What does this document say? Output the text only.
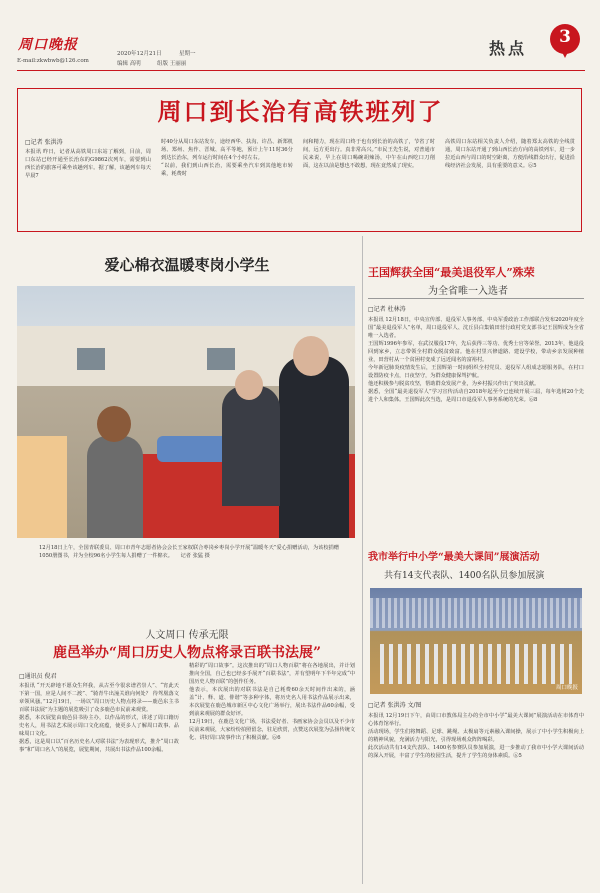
周口晚报
E-mail:zkwbwb@126.com
2020年12月21日	星期一
编辑 高明	组版 王丽丽
热点
3
周口到长治有高铁班列了
□记者 张洪涛
本报讯 昨日，记者从高铁周口东站了解到，目前，周口东站已经开通至长治东的G9862次列车，需要到山西长治的旅客可乘坐该趟列车。据了解，该趟列车每天早晨7
时40分从周口东站发车，途经西华、扶沟、许昌、新郑机场、郑州、焦作、晋城、高平等地，预计上午11时36分到达长治东，列车运行时间在4个小时左右。
“以前，我们到山西长治，需要乘坐汽车到其他地市转乘，耗费时
间和精力，现在周口终于也有到长治的高铁了，节省了时间，远方更出行。真非常高兴。”市民王先生说，对普通市民来说，早上在周口喝碗胡辣汤，中午在山西吃口刀削面，这在以前是想也不敢想，现在竟然成了现实。
高铁周口东站相关负责人介绍，随着郑太高铁的全线贯通，周口东站开通了到山西长治方向的高铁列车，进一步拉近山西与周口的时空距离，方便沿线群众出行，促进沿线经济社会发展，具有重要的意义。⑥5
爱心棉衣温暖枣岗小学生
12月18日上午，全国青联委员、周口市青年志愿者协会会长王家权联合枣岗乡枣岗小学开展“温暖冬天”爱心捐赠活动，为该校捐赠1050册图书，并为全校96名小学生每人捐赠了一件棉衣。 记者 张猛 摄
人文周口 传承无限
鹿邑举办“周口历史人物点将录百联书法展”
□通讯员 倪君
本报讯 “开天辟地不愿众生拜我，从古至今很求谱君崇人”、“宵此天下第一国，应是人间不二渡”、“骑青牛出潼关谁向何处？ 待驾凰落文章领风骚。”12月19日，一场以“周口历史人物点将录——鹿邑东主书百联书法展”为主题的展览吸引了众多鹿邑市民前来观赏。
据悉，本次展览由鹿邑县书协主办，以作品的形式，讲述了周口籍历史名人，用书法艺术展示周口文化底蕴，使更多人了解周口故事、品味周口文化。
据悉，这是周口以“百名历史名人对联书法”为表现形式，推介“周口故事”和“周口名人”的展览，展览期间，共展出书法作品100余幅。
精彩的“周口故事”。这次推出的“周口人物百联”将在各地展出，并计划推向全国，自己也已经多手展开“百联书法”，并有望明年下半年完成“中国历史人物百联”的创作任务。
他表示，本次展出的对联书法是自己耗费60余天时间作出来的，涵盖“计、释、道、俳谐”等多种字体，将历史名人用书法作品展示出来，本次展览在鹿邑城市新区中心文化广场举行，展出书法作品60余幅，受到前来观展的群众好评。
12月19日，在鹿邑文化广场，书法爱好者、书画家协会会员以及不少市民前来观展，大家纷纷拍照留念，驻足欣赏，点赞这次展览为弘扬传统文化、讲好周口故事作出了积极贡献。⑥6
王国辉获全国“最美退役军人”殊荣
为全省唯一入选者
□记者 杜林涛
本报讯 12月18日，中央宣传部、退役军人事务部、中央军委政治工作部联合发布2020年度全国“最美退役军人”名单，周口退役军人、沈丘县白集镇田营行政村党支部书记王国辉成为全省唯一入选者。
王国辉1996年参军，在武汉服役17年，先后获得三等功、优秀士官等荣誉。2013年，他退役回到家乡，立志带领全村群众脱贫致富。他在村里兴修道路、建设学校，带动乡亲发展种植业，田营村从一个贫困村变成了远近闻名的富裕村。
今年新冠肺炎疫情发生后，王国辉第一时间组织全村党员、退役军人组成志愿服务队，在村口设置防疫卡点，日夜坚守，为群众健康保驾护航。
他还积极参与脱贫攻坚，帮助群众发展产业，为乡村振兴作出了突出贡献。
据悉，全国“最美退役军人”学习宣传活动自2018年起至今已连续开展三届，每年选树20个先进个人和集体。王国辉此次当选，是周口市退役军人事务系统的光荣。⑥8
我市举行中小学“最美大课间”展演活动
共有14支代表队、1400名队员参加展演
周口晚报
□记者 张洪涛 文/图
本报讯 12月19日下午，由周口市教体局主办的全市中小学“最美大课间”展演活动在市体育中心体育馆举行。
活动现场，学生们将舞蹈、足球、跳绳、太极扇等元素融入课间操，展示了中小学生积极向上的精神风貌，充满活力与阳光，引得现场观众阵阵喝彩。
此次活动共有14支代表队、1400名参赛队员参加展演，进一步推动了我市中小学大课间活动的深入开展，丰富了学生的校园生活，提升了学生的身体素质。⑥5
